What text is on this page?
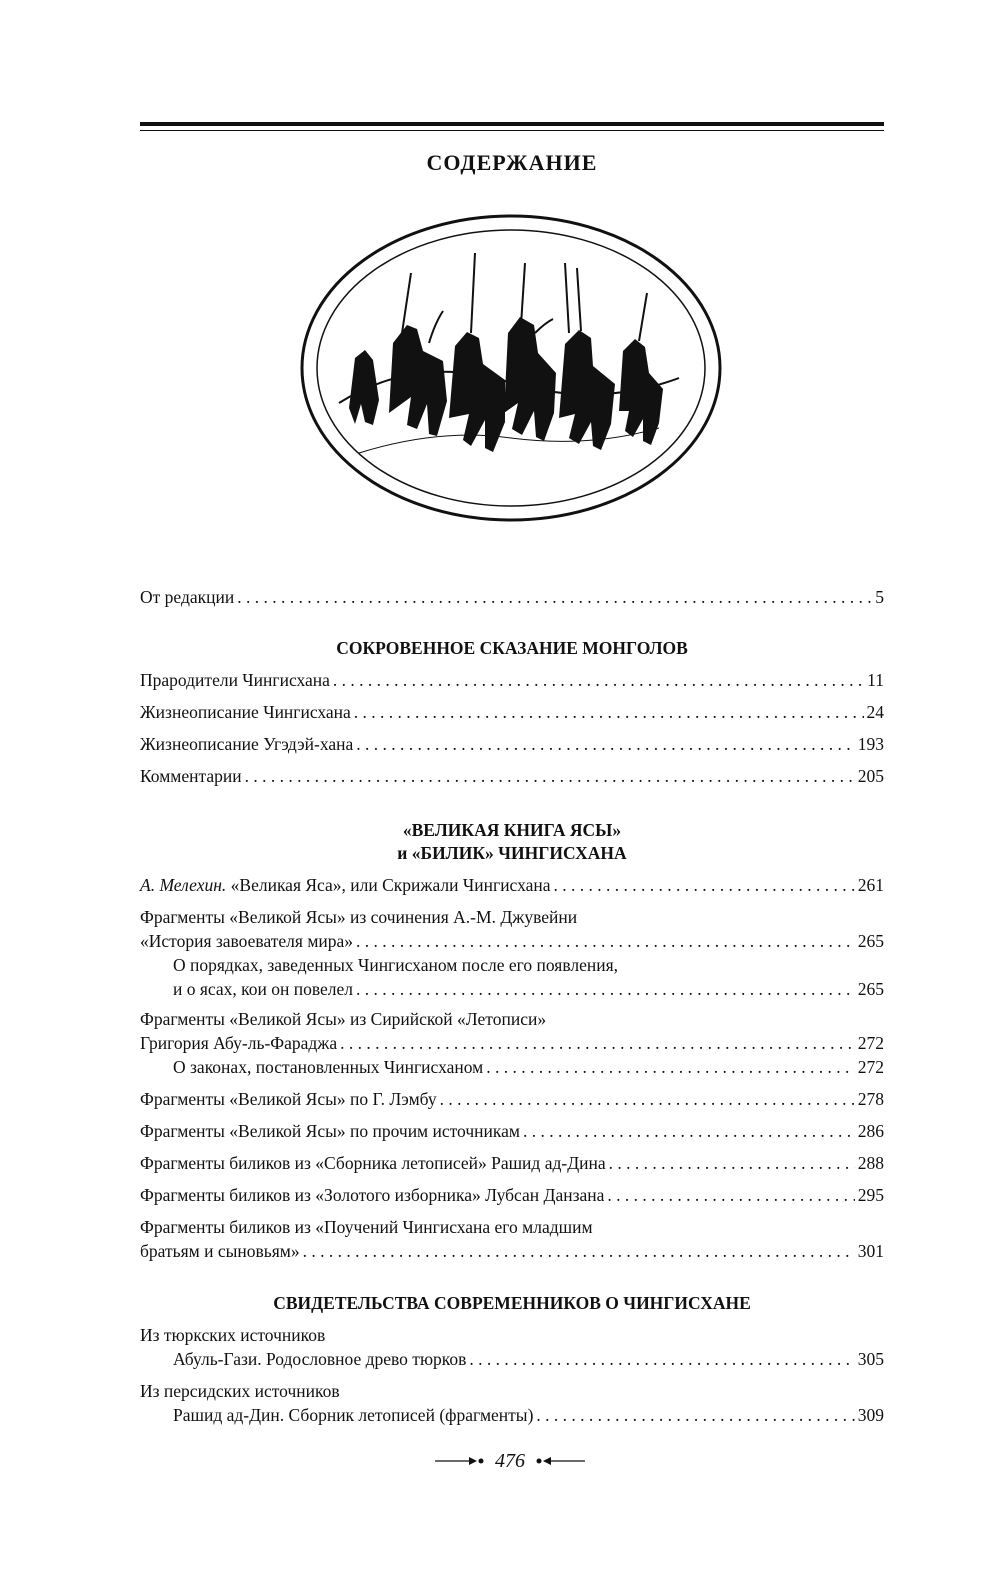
СОДЕРЖАНИЕ
От редакции . . .	5
СОКРОВЕННОЕ СКАЗАНИЕ МОНГОЛОВ
Прародители Чингисхана . . .	11
Жизнеописание Чингисхана . . .	24
Жизнеописание Угэдэй-хана . . .	193
Комментарии . . .	205
«ВЕЛИКАЯ КНИГА ЯСЫ»
и «БИЛИК» ЧИНГИСХАНА
А. Мелехин. «Великая Яса», или Скрижали Чингисхана . . .	261
Фрагменты «Великой Ясы» из сочинения А.-М. Джувейни
«История завоевателя мира» . . .	265
О порядках, заведенных Чингисханом после его появления,
и о ясах, кои он повелел . . .	265
Фрагменты «Великой Ясы» из Сирийской «Летописи»
Григория Абу-ль-Фараджа . . .	272
О законах, постановленных Чингисханом . . .	272
Фрагменты «Великой Ясы» по Г. Лэмбу . . .	278
Фрагменты «Великой Ясы» по прочим источникам . . .	286
Фрагменты биликов из «Сборника летописей» Рашид ад-Дина . . .	288
Фрагменты биликов из «Золотого изборника» Лубсан Данзана . . .	295
Фрагменты биликов из «Поучений Чингисхана его младшим
братьям и сыновьям» . . .	301
СВИДЕТЕЛЬСТВА СОВРЕМЕННИКОВ О ЧИНГИСХАНЕ
Из тюркских источников
Абуль-Гази. Родословное древо тюрков . . .	305
Из персидских источников
Рашид ад-Дин. Сборник летописей (фрагменты) . . .	309
476
